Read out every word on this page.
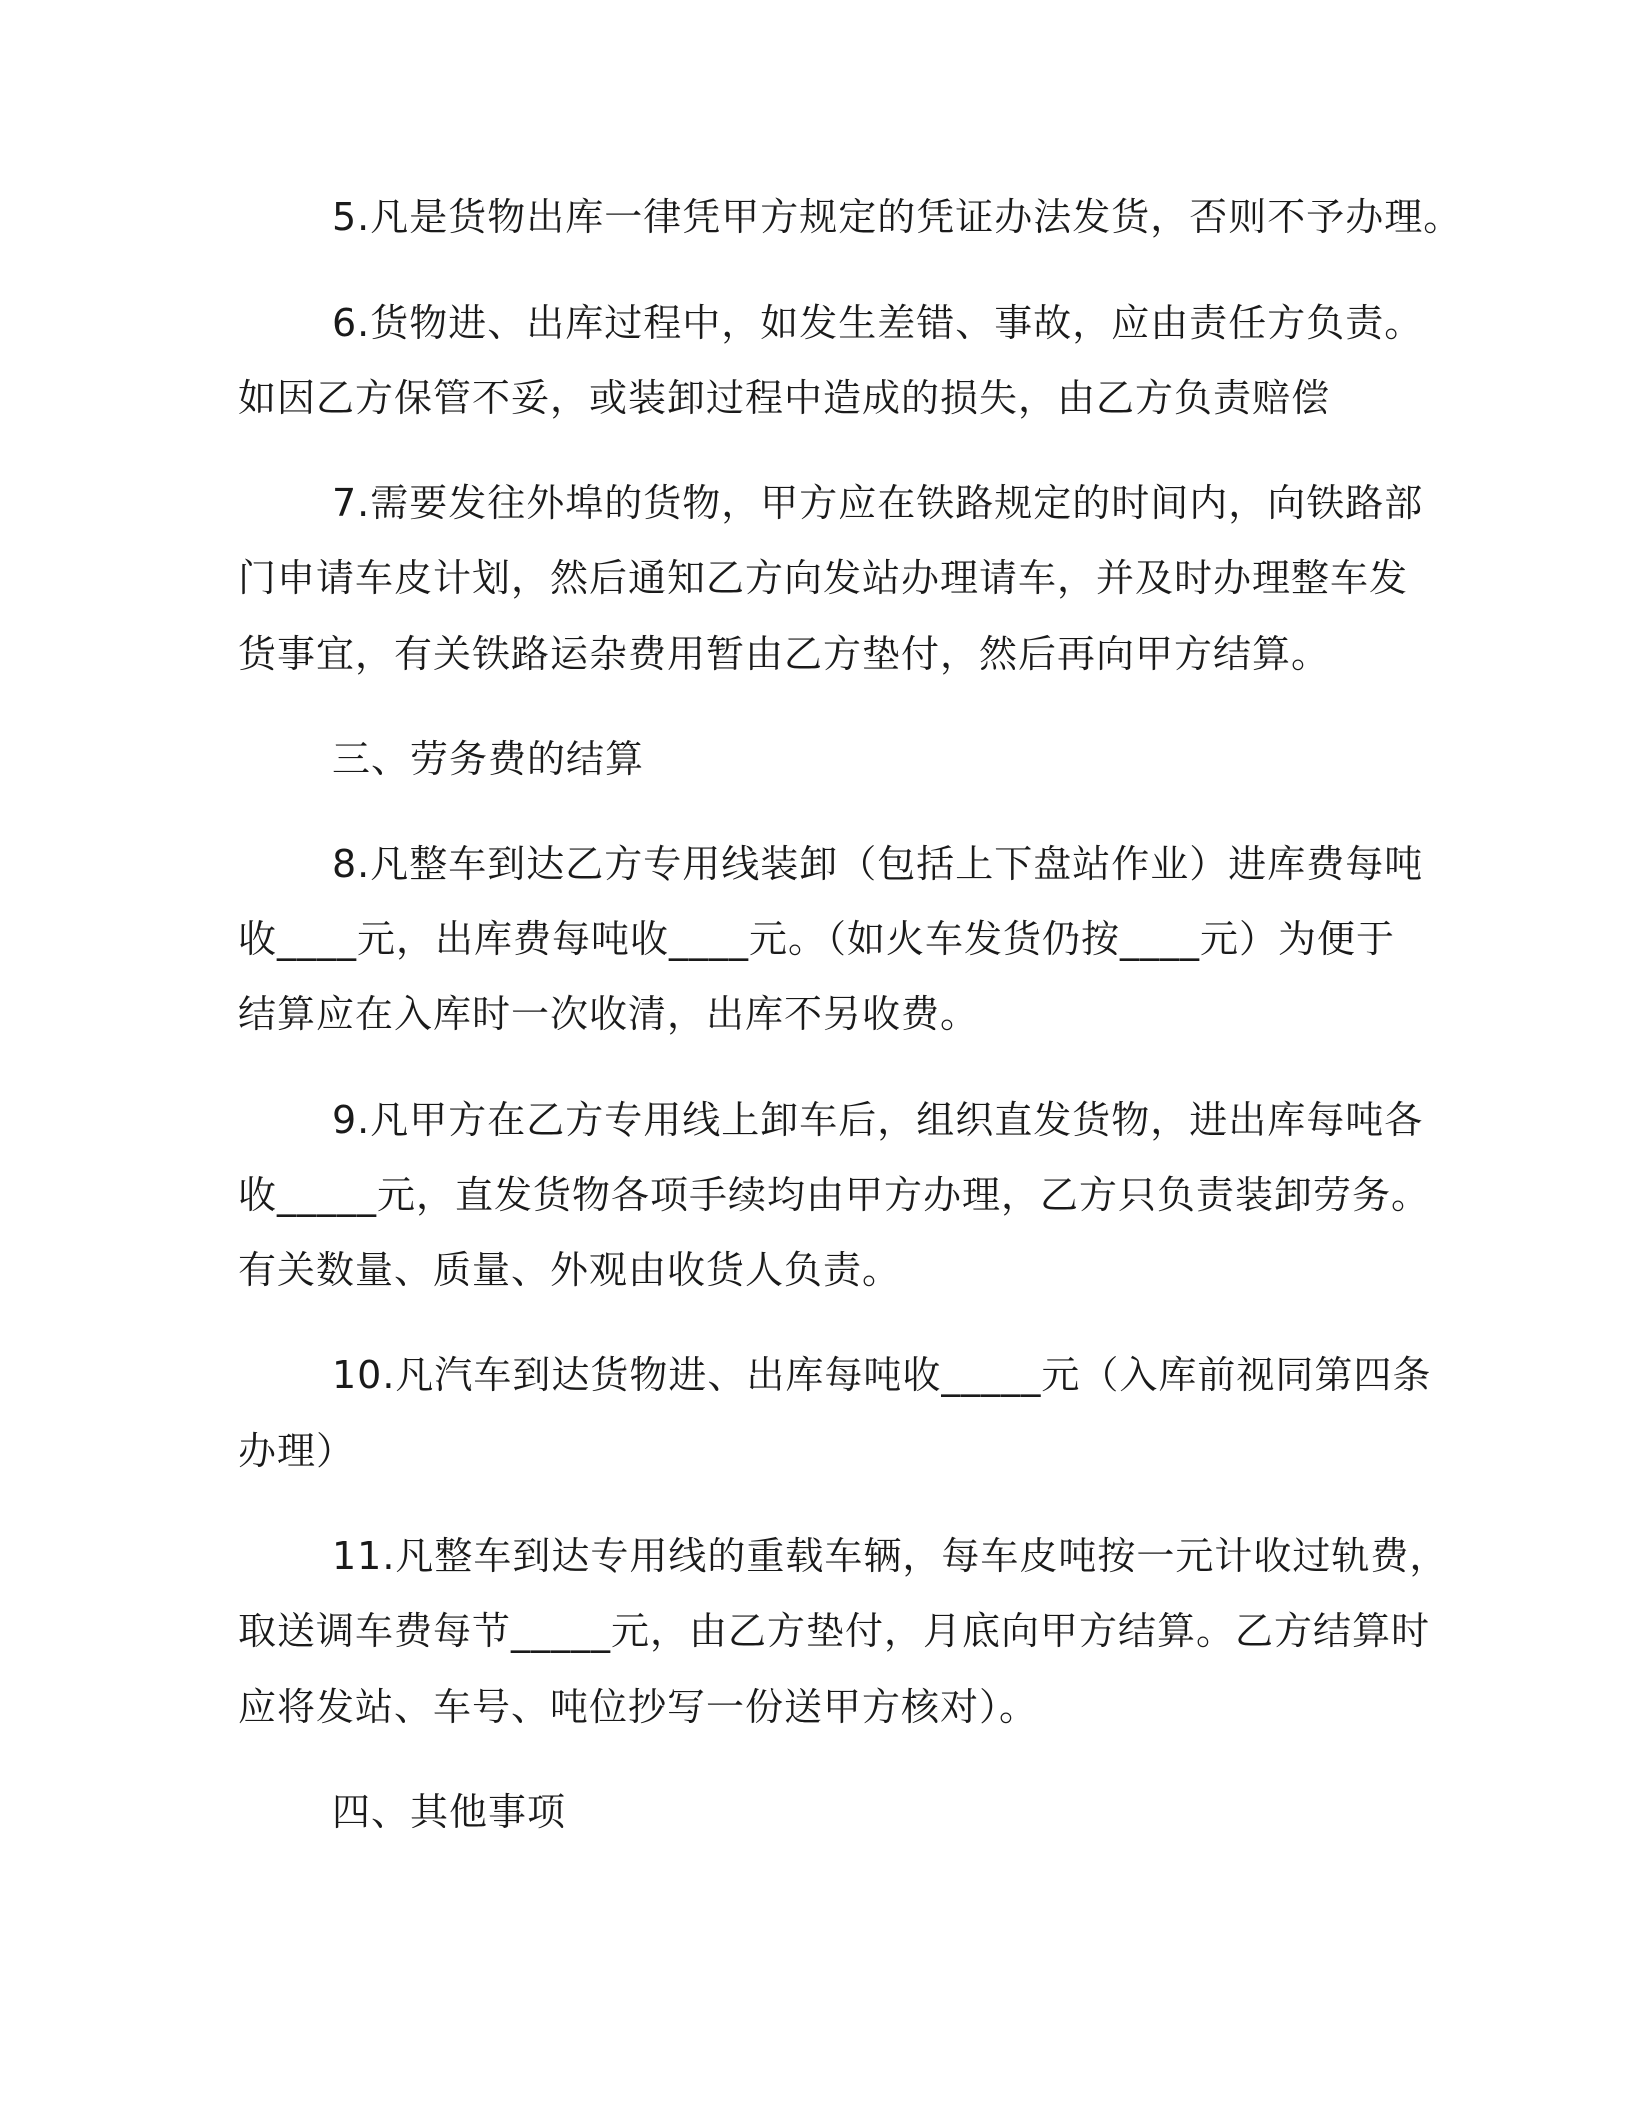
5.凡是货物出库一律凭甲方规定的凭证办法发货，否则不予办理。
6.货物进、出库过程中，如发生差错、事故，应由责任方负责。
如因乙方保管不妥，或装卸过程中造成的损失，由乙方负责赔偿
7.需要发往外埠的货物，甲方应在铁路规定的时间内，向铁路部
门申请车皮计划，然后通知乙方向发站办理请车，并及时办理整车发
货事宜，有关铁路运杂费用暂由乙方垫付，然后再向甲方结算。
三、劳务费的结算
8.凡整车到达乙方专用线装卸（包括上下盘站作业）进库费每吨
收____元，出库费每吨收____元。（如火车发货仍按____元）为便于
结算应在入库时一次收清，出库不另收费。
9.凡甲方在乙方专用线上卸车后，组织直发货物，进出库每吨各
收_____元，直发货物各项手续均由甲方办理，乙方只负责装卸劳务。
有关数量、质量、外观由收货人负责。
10.凡汽车到达货物进、出库每吨收_____元（入库前视同第四条
办理）
11.凡整车到达专用线的重载车辆，每车皮吨按一元计收过轨费，
取送调车费每节_____元，由乙方垫付，月底向甲方结算。乙方结算时
应将发站、车号、吨位抄写一份送甲方核对）。
四、其他事项
